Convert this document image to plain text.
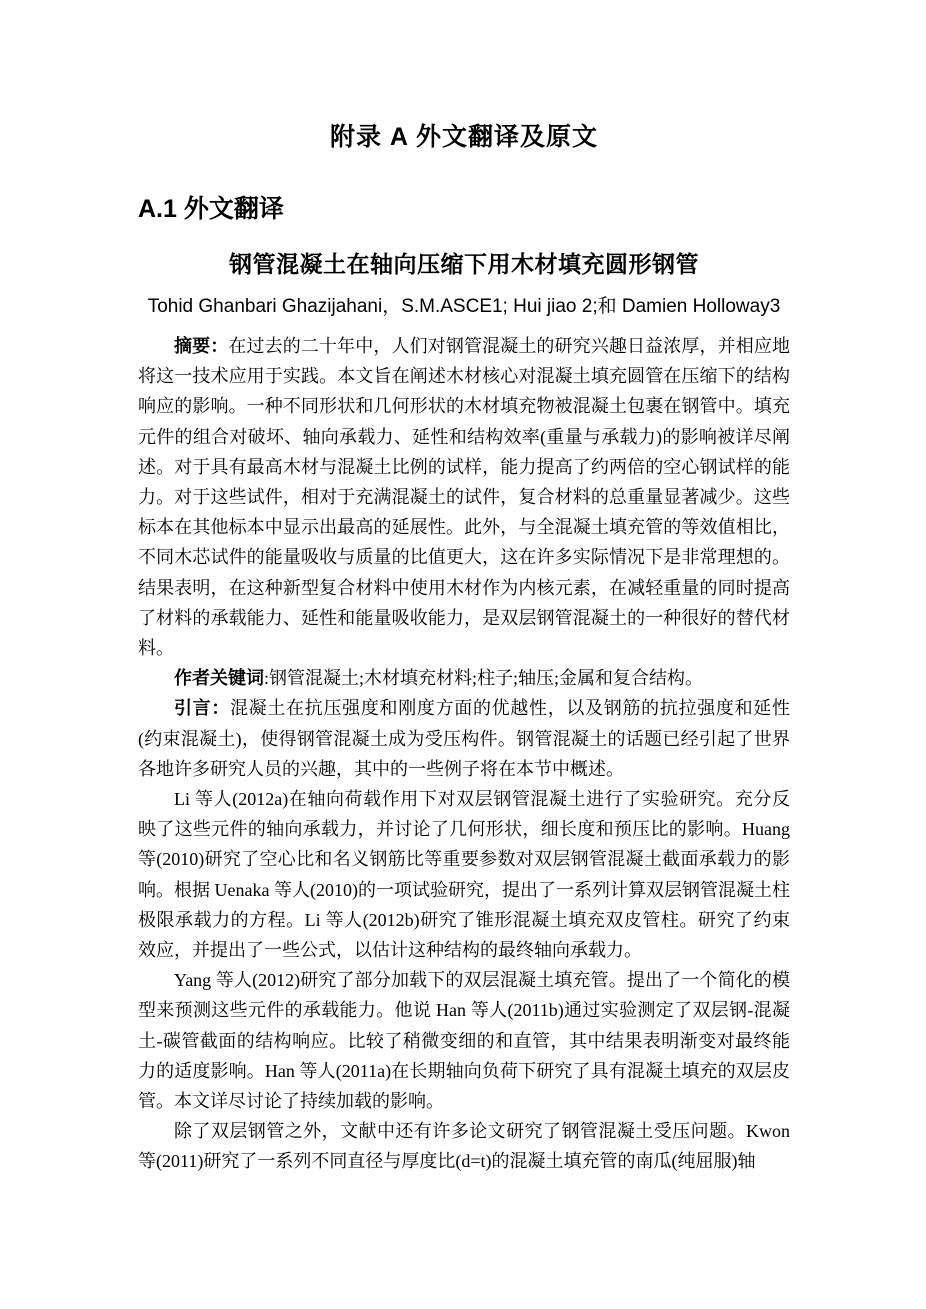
附录 A 外文翻译及原文
A.1 外文翻译
钢管混凝土在轴向压缩下用木材填充圆形钢管

Tohid Ghanbari Ghazijahani，S.M.ASCE1; Hui jiao 2;和 Damien Holloway3

摘要：在过去的二十年中，人们对钢管混凝土的研究兴趣日益浓厚，并相应地将这一技术应用于实践。本文旨在阐述木材核心对混凝土填充圆管在压缩下的结构响应的影响。一种不同形状和几何形状的木材填充物被混凝土包裹在钢管中。填充元件的组合对破坏、轴向承载力、延性和结构效率(重量与承载力)的影响被详尽阐述。对于具有最高木材与混凝土比例的试样，能力提高了约两倍的空心钢试样的能力。对于这些试件，相对于充满混凝土的试件，复合材料的总重量显著减少。这些标本在其他标本中显示出最高的延展性。此外，与全混凝土填充管的等效值相比，不同木芯试件的能量吸收与质量的比值更大，这在许多实际情况下是非常理想的。结果表明，在这种新型复合材料中使用木材作为内核元素，在减轻重量的同时提高了材料的承载能力、延性和能量吸收能力，是双层钢管混凝土的一种很好的替代材料。

作者关键词:钢管混凝土;木材填充材料;柱子;轴压;金属和复合结构。

引言：混凝土在抗压强度和刚度方面的优越性，以及钢筋的抗拉强度和延性(约束混凝土)，使得钢管混凝土成为受压构件。钢管混凝土的话题已经引起了世界各地许多研究人员的兴趣，其中的一些例子将在本节中概述。

Li 等人(2012a)在轴向荷载作用下对双层钢管混凝土进行了实验研究。充分反映了这些元件的轴向承载力，并讨论了几何形状，细长度和预压比的影响。Huang 等(2010)研究了空心比和名义钢筋比等重要参数对双层钢管混凝土截面承载力的影响。根据 Uenaka 等人(2010)的一项试验研究，提出了一系列计算双层钢管混凝土柱极限承载力的方程。Li 等人(2012b)研究了锥形混凝土填充双皮管柱。研究了约束效应，并提出了一些公式，以估计这种结构的最终轴向承载力。

Yang 等人(2012)研究了部分加载下的双层混凝土填充管。提出了一个简化的模型来预测这些元件的承载能力。他说 Han 等人(2011b)通过实验测定了双层钢-混凝土-碳管截面的结构响应。比较了稍微变细的和直管，其中结果表明渐变对最终能力的适度影响。Han 等人(2011a)在长期轴向负荷下研究了具有混凝土填充的双层皮管。本文详尽讨论了持续加载的影响。

除了双层钢管之外，文献中还有许多论文研究了钢管混凝土受压问题。Kwon 等(2011)研究了一系列不同直径与厚度比(d=t)的混凝土填充管的南瓜(纯屈服)轴
